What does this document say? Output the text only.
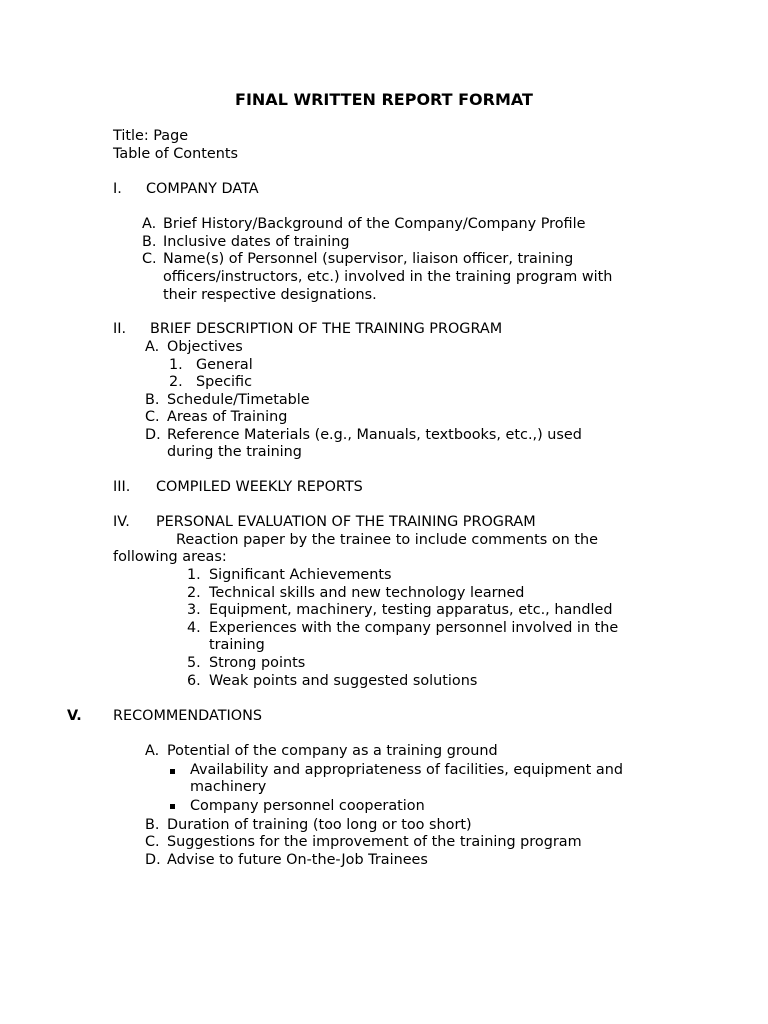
FINAL WRITTEN REPORT FORMAT
Title: Page
Table of Contents
I. COMPANY DATA
A. Brief History/Background of the Company/Company Profile
B. Inclusive dates of training
C. Name(s) of Personnel (supervisor, liaison officer, training
officers/instructors, etc.) involved in the training program with
their respective designations.
II. BRIEF DESCRIPTION OF THE TRAINING PROGRAM
A. Objectives
1. General
2. Specific
B. Schedule/Timetable
C. Areas of Training
D. Reference Materials (e.g., Manuals, textbooks, etc.,) used
during the training
III. COMPILED WEEKLY REPORTS
IV. PERSONAL EVALUATION OF THE TRAINING PROGRAM
Reaction paper by the trainee to include comments on the
following areas:
1. Significant Achievements
2. Technical skills and new technology learned
3. Equipment, machinery, testing apparatus, etc., handled
4. Experiences with the company personnel involved in the
training
5. Strong points
6. Weak points and suggested solutions
V. RECOMMENDATIONS
A. Potential of the company as a training ground
Availability and appropriateness of facilities, equipment and
machinery
Company personnel cooperation
B. Duration of training (too long or too short)
C. Suggestions for the improvement of the training program
D. Advise to future On-the-Job Trainees
